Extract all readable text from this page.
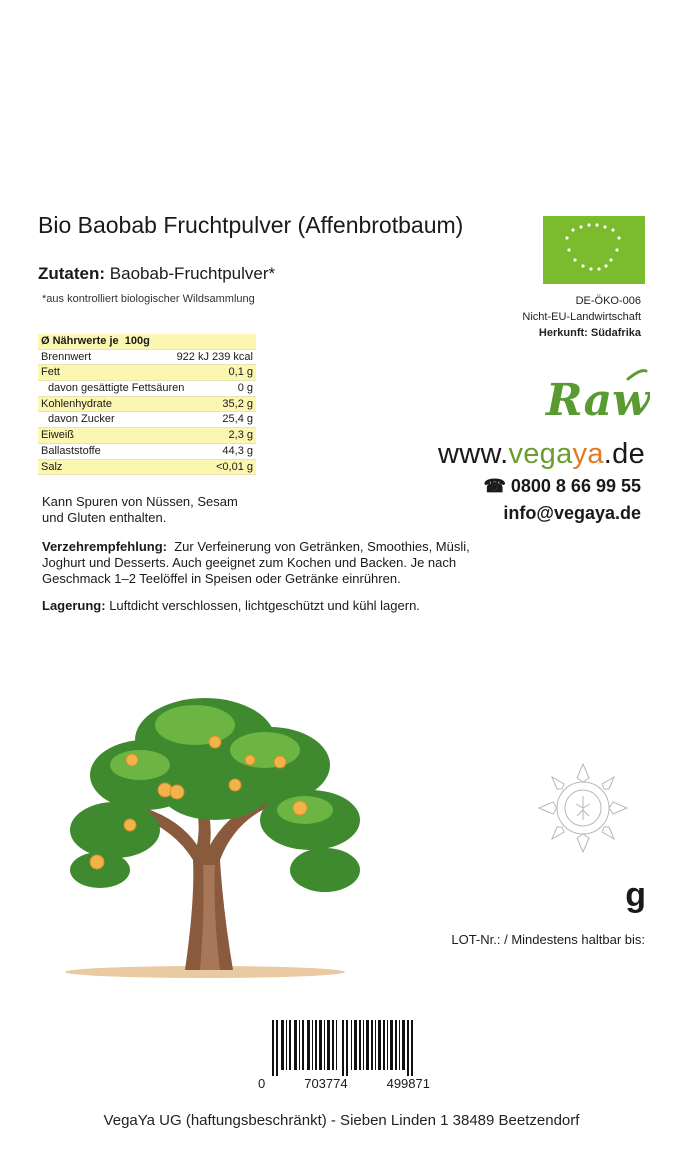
Bio Baobab Fruchtpulver (Affenbrotbaum)
Zutaten: Baobab-Fruchtpulver*
*aus kontrolliert biologischer Wildsammlung	DE-ÖKO-006
Nicht-EU-Landwirtschaft
Herkunft: Südafrika
Ø Nährwerte je 100g
Brennwert	922 kJ 239 kcal
Fett	0,1 g
davon gesättigte Fettsäuren	0 g
Kohlenhydrate	35,2 g
davon Zucker	25,4 g
Eiweiß	2,3 g
Ballaststoffe	44,3 g
Salz	<0,01 g
Raw
www.vegaya.de
☎ 0800 8 66 99 55
info@vegaya.de
Kann Spuren von Nüssen, Sesam
und Gluten enthalten.
Verzehrempfehlung: Zur Verfeinerung von Getränken, Smoothies, Müsli, Joghurt und Desserts. Auch geeignet zum Kochen und Backen. Je nach Geschmack 1–2 Teelöffel in Speisen oder Getränke einrühren.
Lagerung: Luftdicht verschlossen, lichtgeschützt und kühl lagern.
g
LOT-Nr.: / Mindestens haltbar bis:
0	703774	499871
VegaYa UG (haftungsbeschränkt) - Sieben Linden 1 38489 Beetzendorf
